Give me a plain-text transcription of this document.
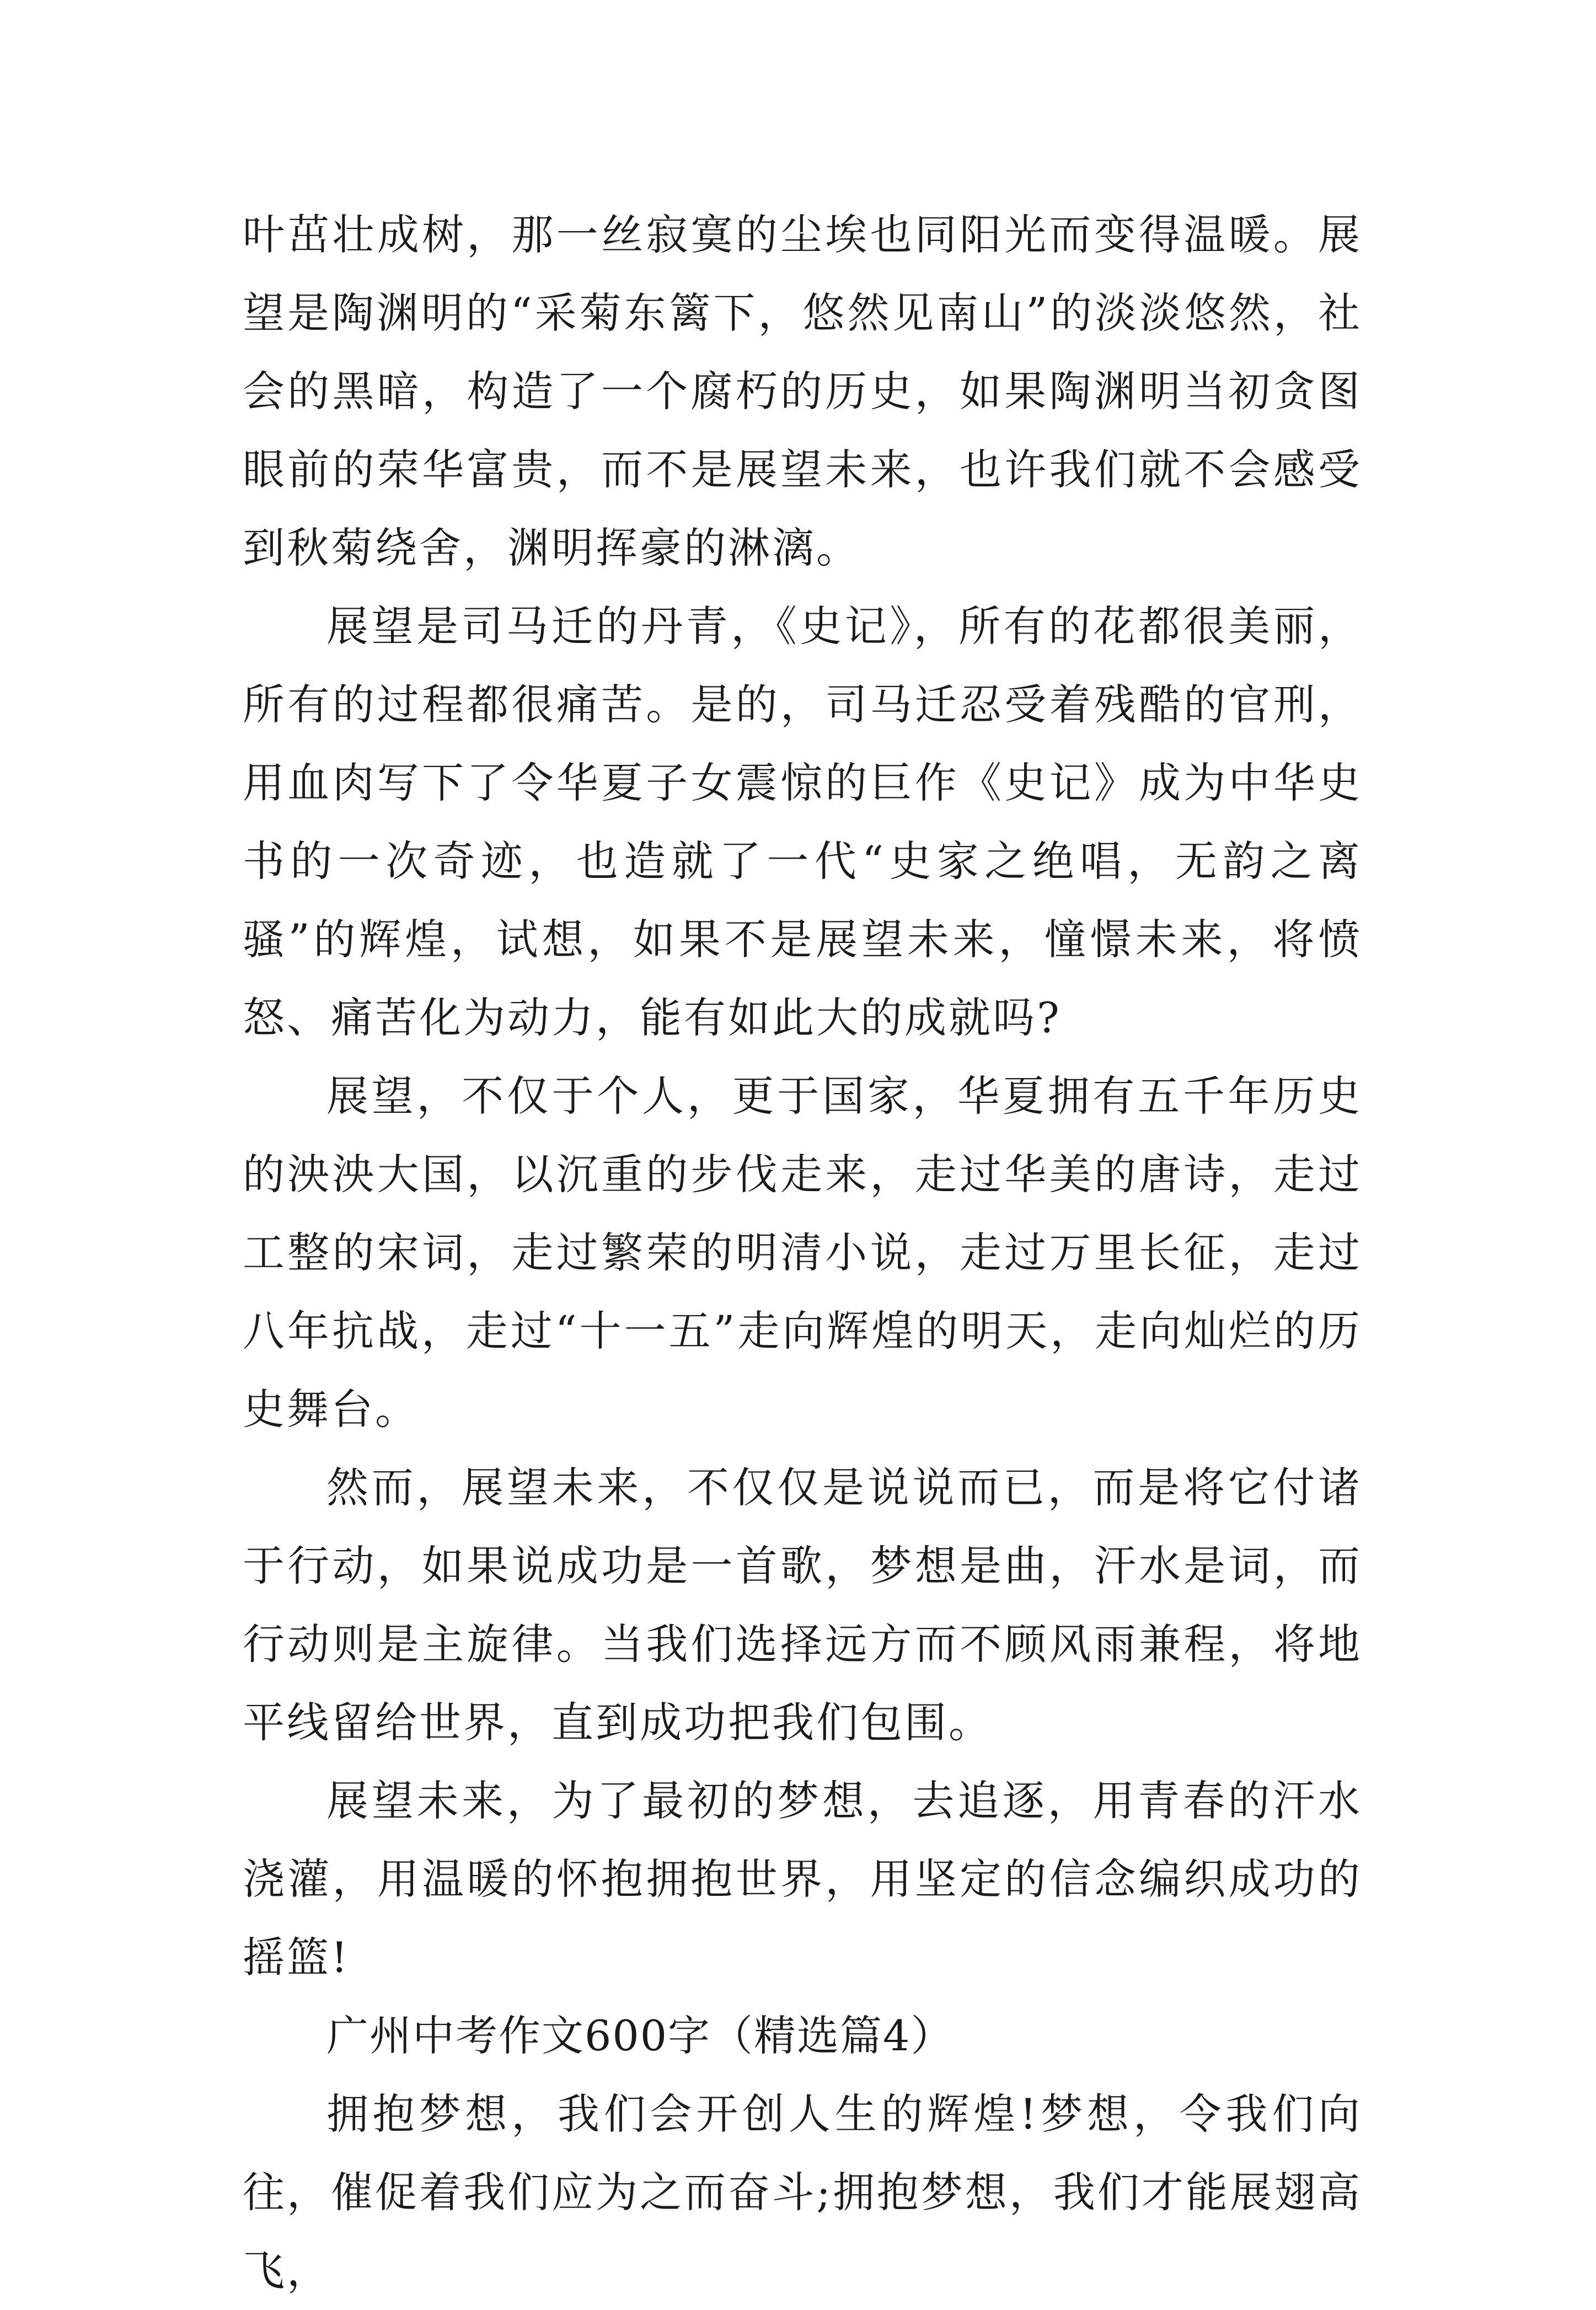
叶茁壮成树，那一丝寂寞的尘埃也同阳光而变得温暖。展望是陶渊明的“采菊东篱下，悠然见南山”的淡淡悠然，社会的黑暗，构造了一个腐朽的历史，如果陶渊明当初贪图眼前的荣华富贵，而不是展望未来，也许我们就不会感受到秋菊绕舍，渊明挥豪的淋漓。

展望是司马迁的丹青，《史记》，所有的花都很美丽，所有的过程都很痛苦。是的，司马迁忍受着残酷的官刑，用血肉写下了令华夏子女震惊的巨作《史记》成为中华史书的一次奇迹，也造就了一代“史家之绝唱，无韵之离骚”的辉煌，试想，如果不是展望未来，憧憬未来，将愤怒、痛苦化为动力，能有如此大的成就吗?

展望，不仅于个人，更于国家，华夏拥有五千年历史的泱泱大国，以沉重的步伐走来，走过华美的唐诗，走过工整的宋词，走过繁荣的明清小说，走过万里长征，走过八年抗战，走过“十一五”走向辉煌的明天，走向灿烂的历史舞台。

然而，展望未来，不仅仅是说说而已，而是将它付诸于行动，如果说成功是一首歌，梦想是曲，汗水是词，而行动则是主旋律。当我们选择远方而不顾风雨兼程，将地平线留给世界，直到成功把我们包围。

展望未来，为了最初的梦想，去追逐，用青春的汗水浇灌，用温暖的怀抱拥抱世界，用坚定的信念编织成功的摇篮!

广州中考作文600字（精选篇4）

拥抱梦想，我们会开创人生的辉煌!梦想，令我们向往，催促着我们应为之而奋斗;拥抱梦想，我们才能展翅高飞，
